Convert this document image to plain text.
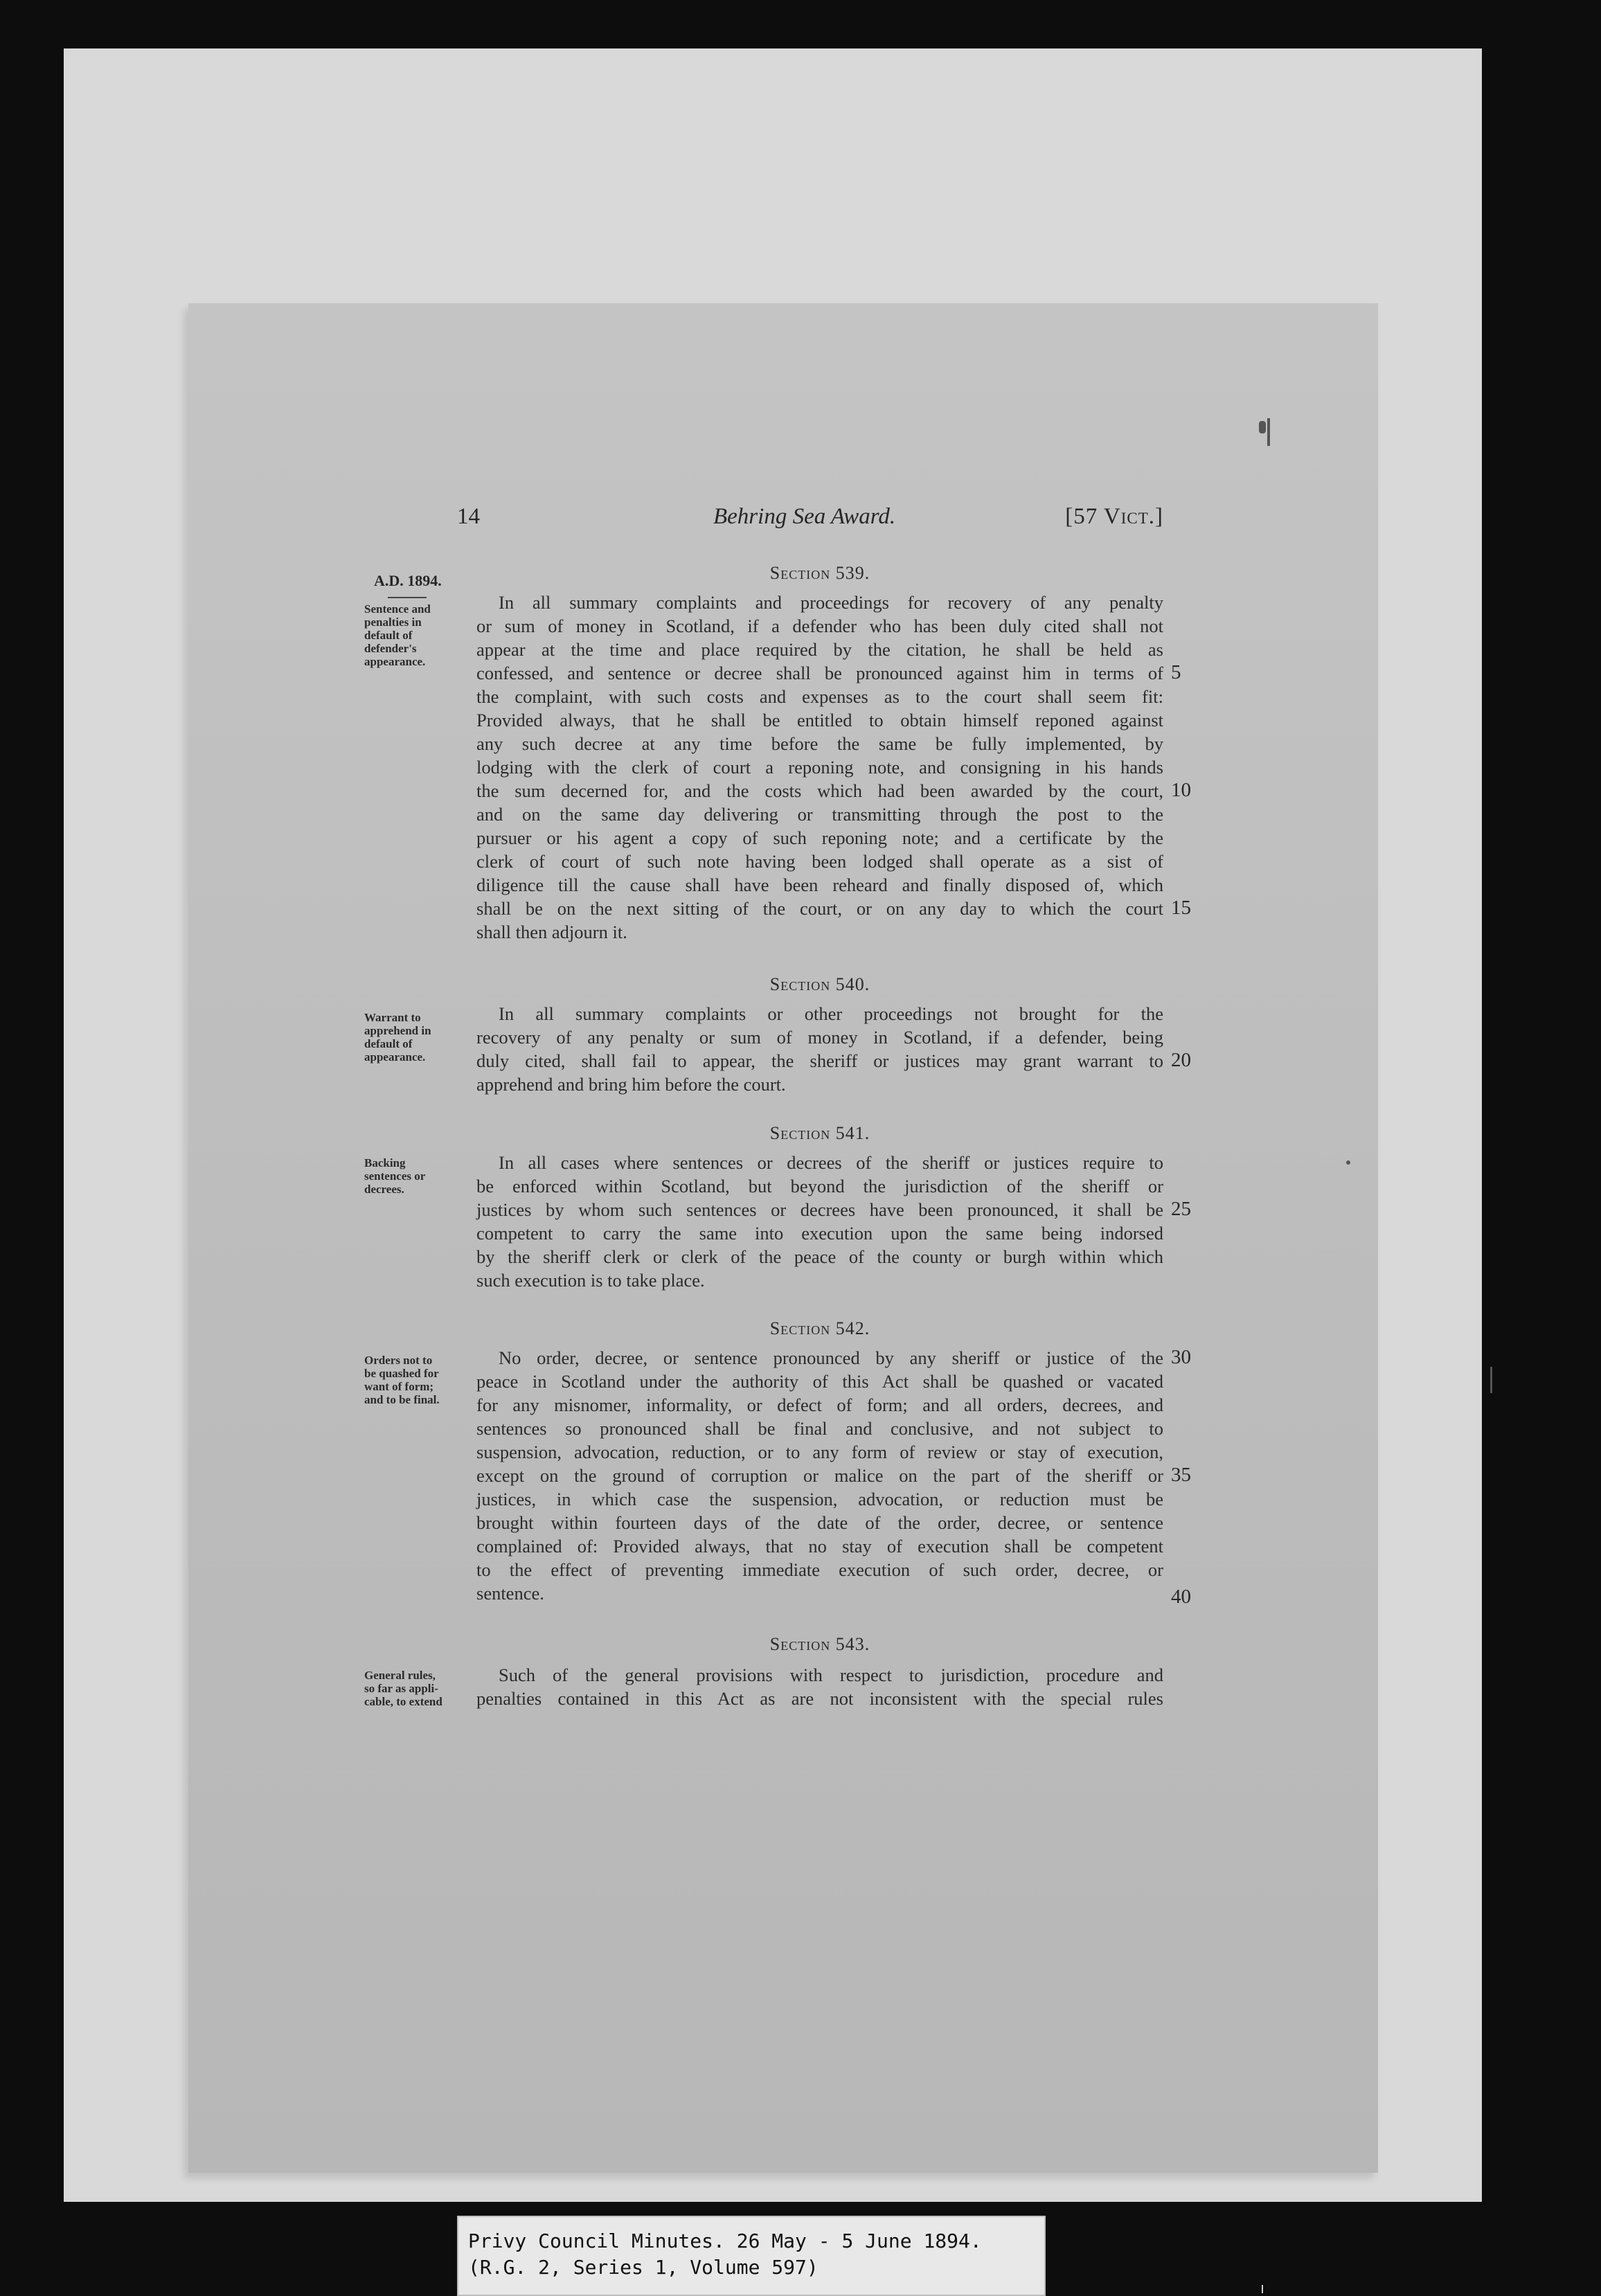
14	Behring Sea Award.	[57 Vict.]
A.D. 1894.
Sentence and
penalties in
default of
defender's
appearance.
Warrant to
apprehend in
default of
appearance.
Backing
sentences or
decrees.
Orders not to
be quashed for
want of form;
and to be final.
General rules,
so far as appli-
cable, to extend
Section 539.
In all summary complaints and proceedings for recovery of any penalty
or sum of money in Scotland, if a defender who has been duly cited shall not
appear at the time and place required by the citation, he shall be held as
confessed, and sentence or decree shall be pronounced against him in terms of
the complaint, with such costs and expenses as to the court shall seem fit:
Provided always, that he shall be entitled to obtain himself reponed against
any such decree at any time before the same be fully implemented, by
lodging with the clerk of court a reponing note, and consigning in his hands
the sum decerned for, and the costs which had been awarded by the court,
and on the same day delivering or transmitting through the post to the
pursuer or his agent a copy of such reponing note; and a certificate by the
clerk of court of such note having been lodged shall operate as a sist of
diligence till the cause shall have been reheard and finally disposed of, which
shall be on the next sitting of the court, or on any day to which the court
shall then adjourn it.
Section 540.
In all summary complaints or other proceedings not brought for the
recovery of any penalty or sum of money in Scotland, if a defender, being
duly cited, shall fail to appear, the sheriff or justices may grant warrant to
apprehend and bring him before the court.
Section 541.
In all cases where sentences or decrees of the sheriff or justices require to
be enforced within Scotland, but beyond the jurisdiction of the sheriff or
justices by whom such sentences or decrees have been pronounced, it shall be
competent to carry the same into execution upon the same being indorsed
by the sheriff clerk or clerk of the peace of the county or burgh within which
such execution is to take place.
Section 542.
No order, decree, or sentence pronounced by any sheriff or justice of the
peace in Scotland under the authority of this Act shall be quashed or vacated
for any misnomer, informality, or defect of form; and all orders, decrees, and
sentences so pronounced shall be final and conclusive, and not subject to
suspension, advocation, reduction, or to any form of review or stay of execution,
except on the ground of corruption or malice on the part of the sheriff or
justices, in which case the suspension, advocation, or reduction must be
brought within fourteen days of the date of the order, decree, or sentence
complained of: Provided always, that no stay of execution shall be competent
to the effect of preventing immediate execution of such order, decree, or
sentence.
Section 543.
Such of the general provisions with respect to jurisdiction, procedure and
penalties contained in this Act as are not inconsistent with the special rules
5
10
15
20
25
30
35
40
Privy Council Minutes. 26 May - 5 June 1894.
(R.G. 2, Series 1, Volume 597)
